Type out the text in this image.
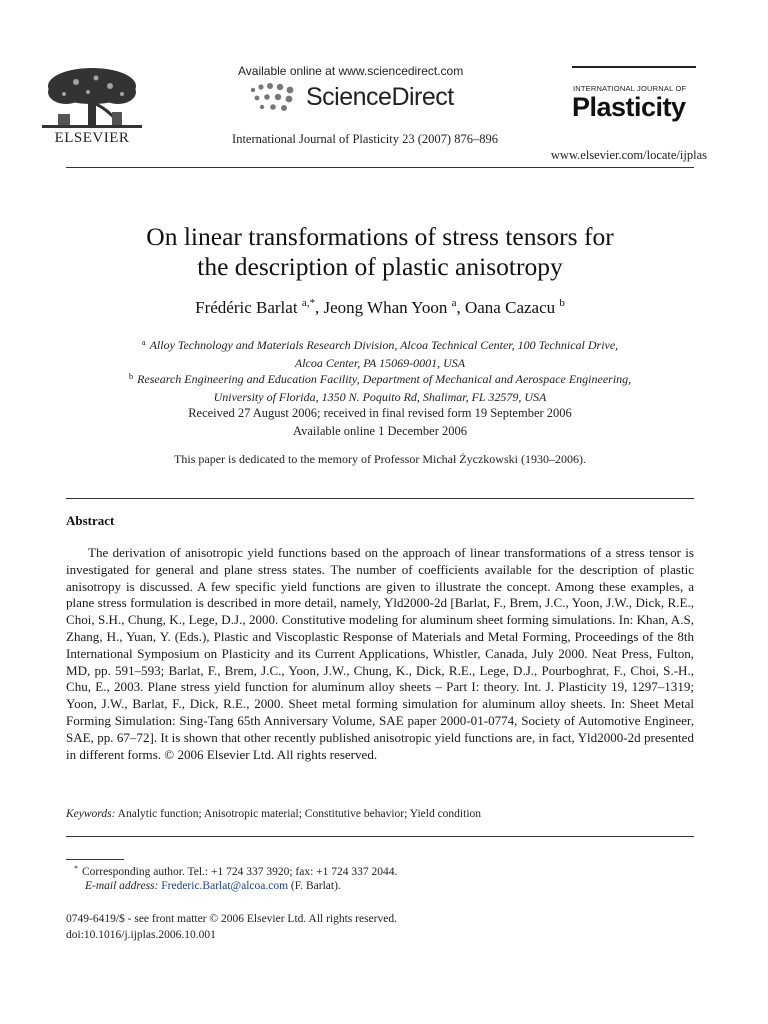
ELSEVIER
Available online at www.sciencedirect.com
ScienceDirect
International Journal of Plasticity 23 (2007) 876–896
INTERNATIONAL JOURNAL OF
Plasticity
www.elsevier.com/locate/ijplas
On linear transformations of stress tensors for
the description of plastic anisotropy
Frédéric Barlat $^{a,*}$, Jeong Whan Yoon $^a$, Oana Cazacu $^b$
$^a$ Alloy Technology and Materials Research Division, Alcoa Technical Center, 100 Technical Drive,
Alcoa Center, PA 15069-0001, USA
$^b$ Research Engineering and Education Facility, Department of Mechanical and Aerospace Engineering,
University of Florida, 1350 N. Poquito Rd, Shalimar, FL 32579, USA
Received 27 August 2006; received in final revised form 19 September 2006
Available online 1 December 2006
This paper is dedicated to the memory of Professor Michał Życzkowski (1930–2006).
Abstract
The derivation of anisotropic yield functions based on the approach of linear transformations of a stress tensor is investigated for general and plane stress states. The number of coefficients available for the description of plastic anisotropy is discussed. A few specific yield functions are given to illustrate the concept. Among these examples, a plane stress formulation is described in more detail, namely, Yld2000-2d [Barlat, F., Brem, J.C., Yoon, J.W., Dick, R.E., Choi, S.H., Chung, K., Lege, D.J., 2000. Constitutive modeling for aluminum sheet forming simulations. In: Khan, A.S, Zhang, H., Yuan, Y. (Eds.), Plastic and Viscoplastic Response of Materials and Metal Forming, Proceedings of the 8th International Symposium on Plasticity and its Current Applications, Whistler, Canada, July 2000. Neat Press, Fulton, MD, pp. 591–593; Barlat, F., Brem, J.C., Yoon, J.W., Chung, K., Dick, R.E., Lege, D.J., Pourboghrat, F., Choi, S.-H., Chu, E., 2003. Plane stress yield function for aluminum alloy sheets – Part I: theory. Int. J. Plasticity 19, 1297–1319; Yoon, J.W., Barlat, F., Dick, R.E., 2000. Sheet metal forming simulation for aluminum alloy sheets. In: Sheet Metal Forming Simulation: Sing-Tang 65th Anniversary Volume, SAE paper 2000-01-0774, Society of Automotive Engineer, SAE, pp. 67–72]. It is shown that other recently published anisotropic yield functions are, in fact, Yld2000-2d presented in different forms. © 2006 Elsevier Ltd. All rights reserved.
Keywords: Analytic function; Anisotropic material; Constitutive behavior; Yield condition
* Corresponding author. Tel.: +1 724 337 3920; fax: +1 724 337 2044.
E-mail address: Frederic.Barlat@alcoa.com (F. Barlat).
0749-6419/$ - see front matter © 2006 Elsevier Ltd. All rights reserved.
doi:10.1016/j.ijplas.2006.10.001
